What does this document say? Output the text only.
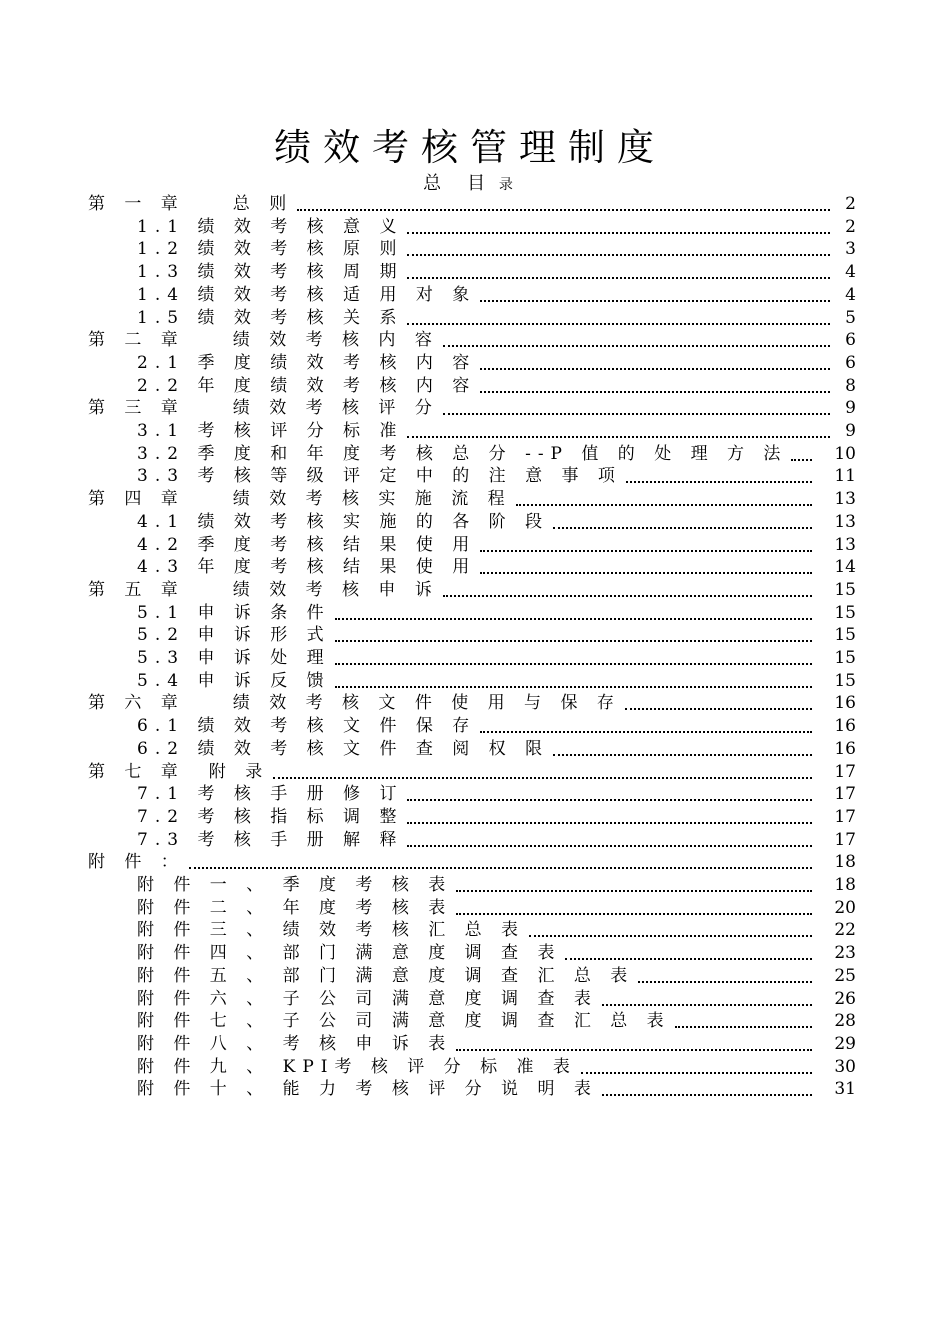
绩效考核管理制度
总　目 录
第 一 章　　总 则	2
1.1 绩 效 考 核 意 义	2
1.2 绩 效 考 核 原 则	3
1.3 绩 效 考 核 周 期	4
1.4 绩 效 考 核 适 用 对 象	4
1.5 绩 效 考 核 关 系	5
第 二 章　　绩 效 考 核 内 容	6
2.1 季 度 绩 效 考 核 内 容	6
2.2 年 度 绩 效 考 核 内 容	8
第 三 章　　绩 效 考 核 评 分	9
3.1 考 核 评 分 标 准	9
3.2 季 度 和 年 度 考 核 总 分 --P 值 的 处 理 方 法	10
3.3 考 核 等 级 评 定 中 的 注 意 事 项	11
第 四 章　　绩 效 考 核 实 施 流 程	13
4.1 绩 效 考 核 实 施 的 各 阶 段	13
4.2 季 度 考 核 结 果 使 用	13
4.3 年 度 考 核 结 果 使 用	14
第 五 章　　绩 效 考 核 申 诉	15
5.1 申 诉 条 件	15
5.2 申 诉 形 式	15
5.3 申 诉 处 理	15
5.4 申 诉 反 馈	15
第 六 章　　绩 效 考 核 文 件 使 用 与 保 存	16
6.1 绩 效 考 核 文 件 保 存	16
6.2 绩 效 考 核 文 件 查 阅 权 限	16
第 七 章　附 录	17
7.1 考 核 手 册 修 订	17
7.2 考 核 指 标 调 整	17
7.3 考 核 手 册 解 释	17
附 件 ：	18
附 件 一 、 季 度 考 核 表	18
附 件 二 、 年 度 考 核 表	20
附 件 三 、 绩 效 考 核 汇 总 表	22
附 件 四 、 部 门 满 意 度 调 查 表	23
附 件 五 、 部 门 满 意 度 调 查 汇 总 表	25
附 件 六 、 子 公 司 满 意 度 调 查 表	26
附 件 七 、 子 公 司 满 意 度 调 查 汇 总 表	28
附 件 八 、 考 核 申 诉 表	29
附 件 九 、 KPI考 核 评 分 标 准 表	30
附 件 十 、 能 力 考 核 评 分 说 明 表	31
